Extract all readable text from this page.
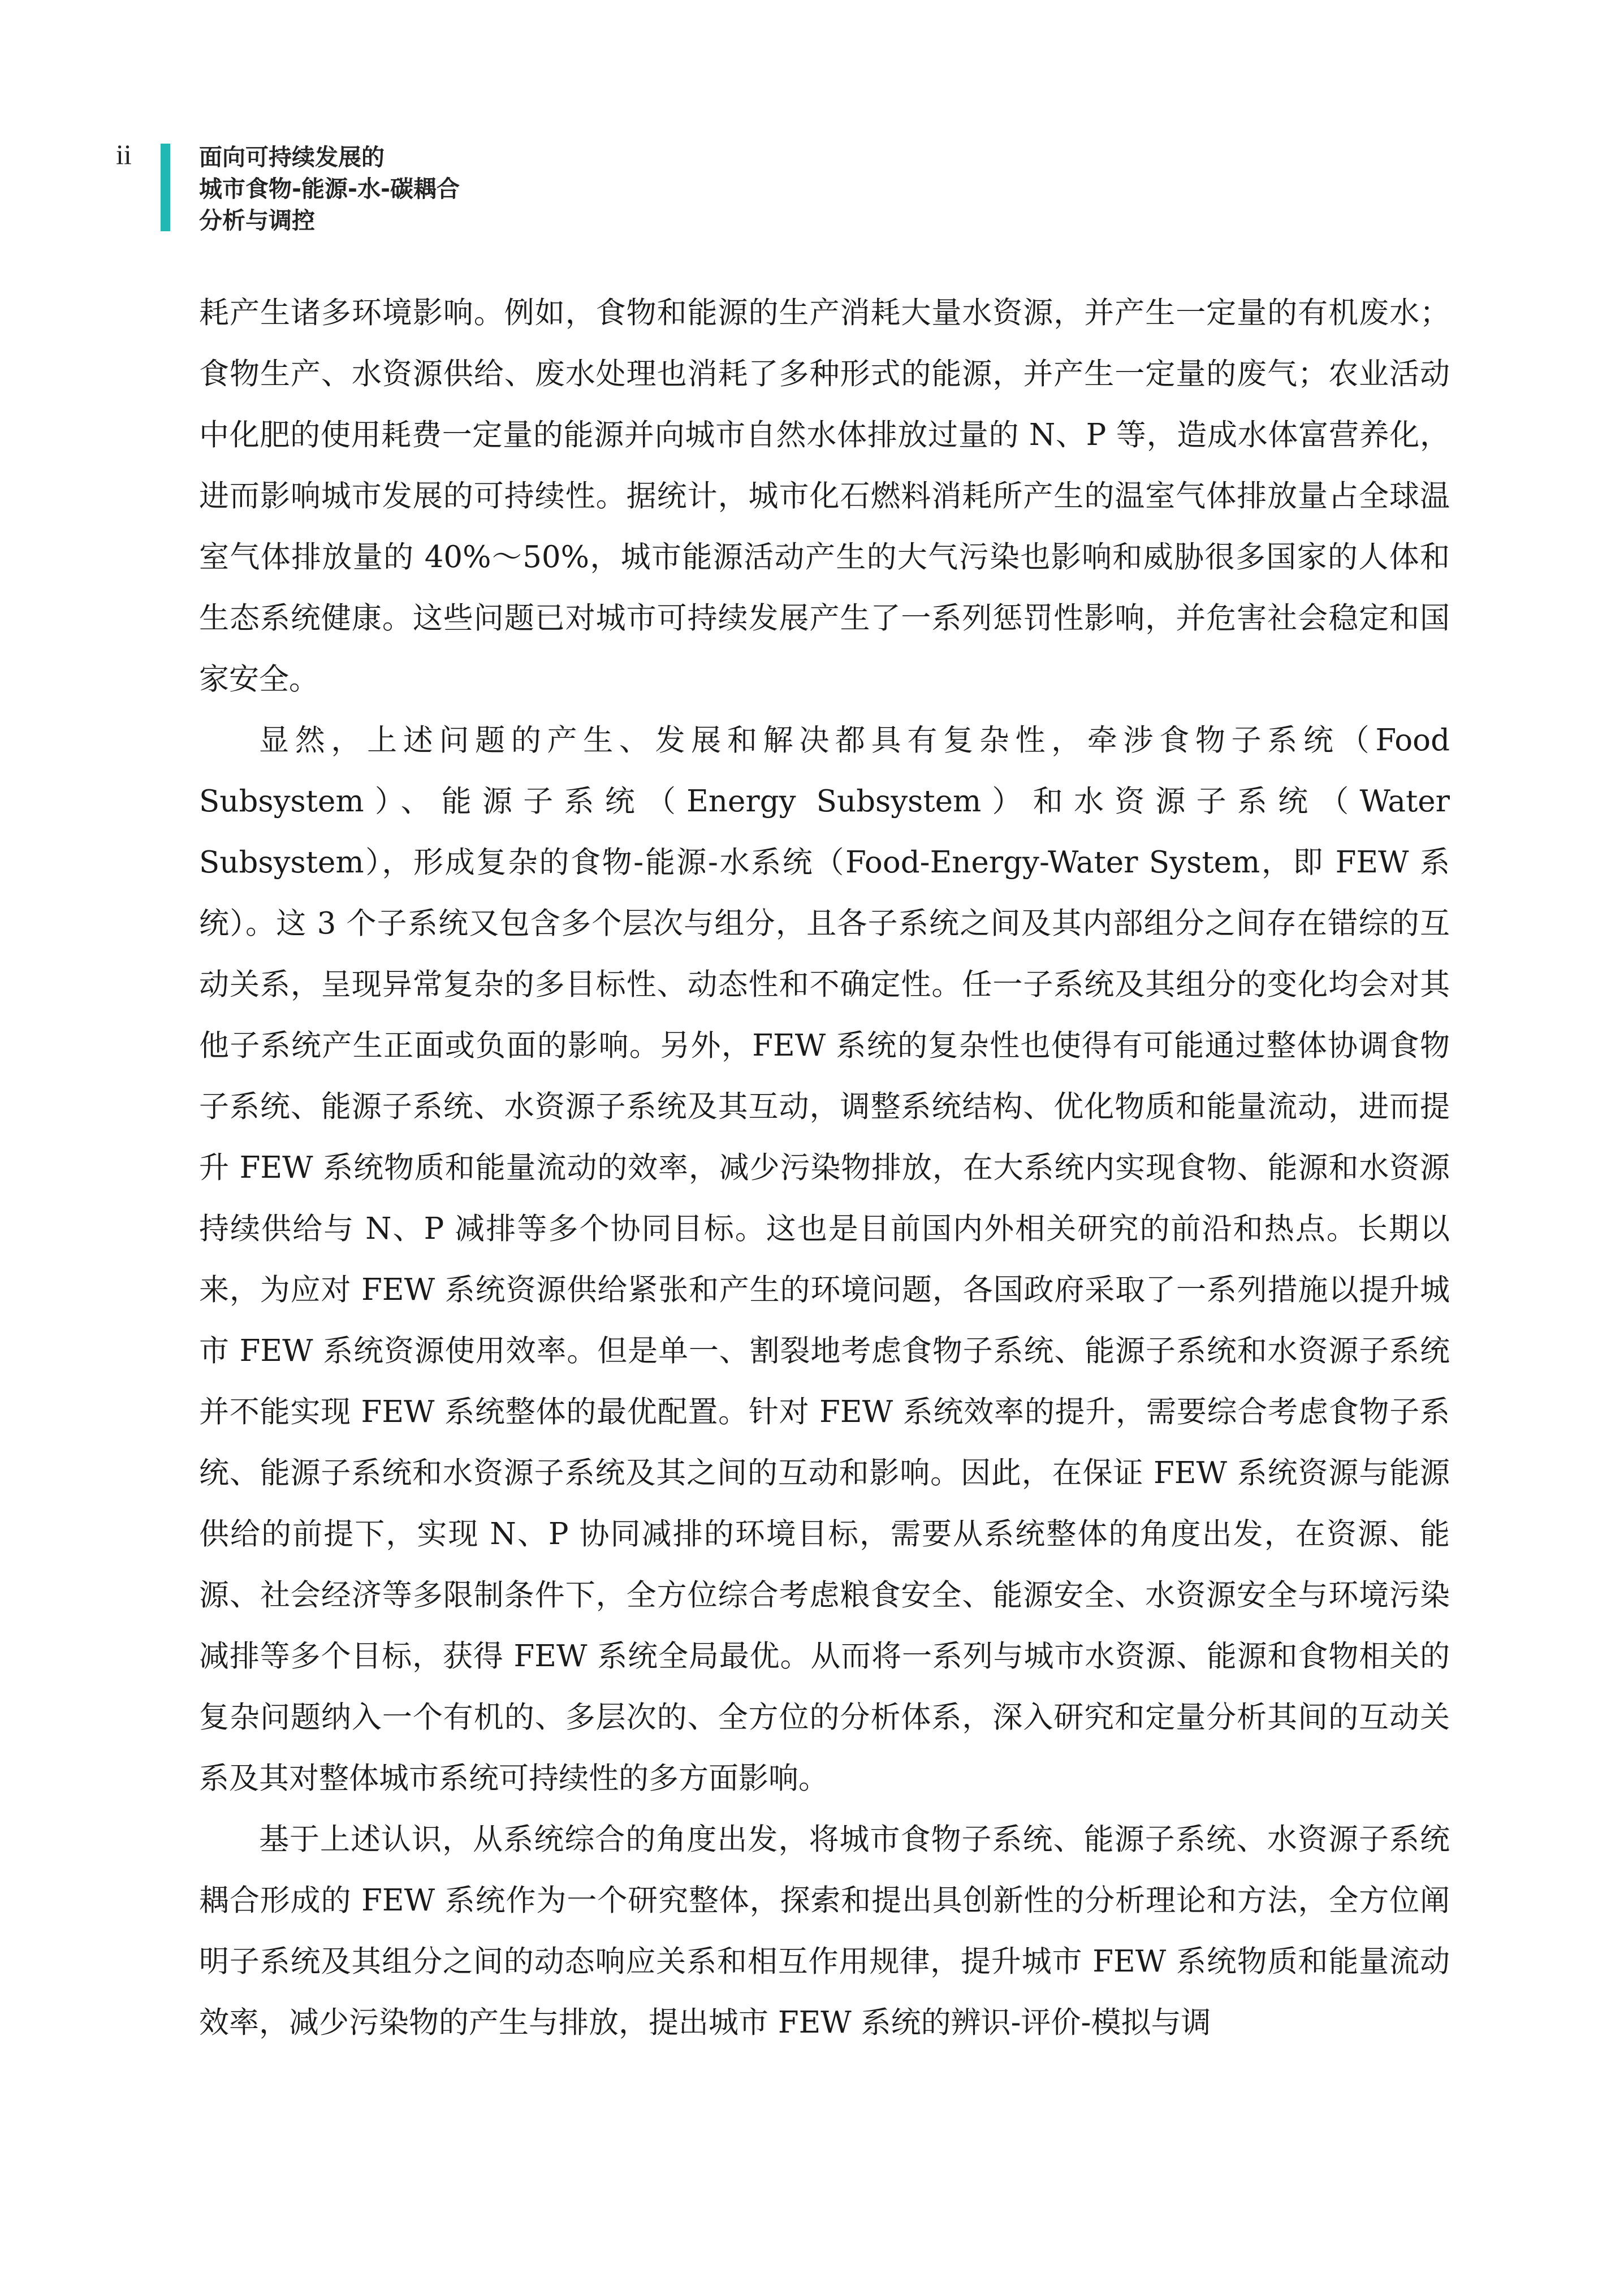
ii	面向可持续发展的
城市食物-能源-水-碳耦合
分析与调控

耗产生诸多环境影响。例如，食物和能源的生产消耗大量水资源，并产生一定量的有机废水；食物生产、水资源供给、废水处理也消耗了多种形式的能源，并产生一定量的废气；农业活动中化肥的使用耗费一定量的能源并向城市自然水体排放过量的 N、P 等，造成水体富营养化，进而影响城市发展的可持续性。据统计，城市化石燃料消耗所产生的温室气体排放量占全球温室气体排放量的 40%～50%，城市能源活动产生的大气污染也影响和威胁很多国家的人体和生态系统健康。这些问题已对城市可持续发展产生了一系列惩罚性影响，并危害社会稳定和国家安全。

显然，上述问题的产生、发展和解决都具有复杂性，牵涉食物子系统（Food Subsystem）、能源子系统（Energy Subsystem）和水资源子系统（Water Subsystem），形成复杂的食物-能源-水系统（Food-Energy-Water System，即 FEW 系统）。这 3 个子系统又包含多个层次与组分，且各子系统之间及其内部组分之间存在错综的互动关系，呈现异常复杂的多目标性、动态性和不确定性。任一子系统及其组分的变化均会对其他子系统产生正面或负面的影响。另外，FEW 系统的复杂性也使得有可能通过整体协调食物子系统、能源子系统、水资源子系统及其互动，调整系统结构、优化物质和能量流动，进而提升 FEW 系统物质和能量流动的效率，减少污染物排放，在大系统内实现食物、能源和水资源持续供给与 N、P 减排等多个协同目标。这也是目前国内外相关研究的前沿和热点。长期以来，为应对 FEW 系统资源供给紧张和产生的环境问题，各国政府采取了一系列措施以提升城市 FEW 系统资源使用效率。但是单一、割裂地考虑食物子系统、能源子系统和水资源子系统并不能实现 FEW 系统整体的最优配置。针对 FEW 系统效率的提升，需要综合考虑食物子系统、能源子系统和水资源子系统及其之间的互动和影响。因此，在保证 FEW 系统资源与能源供给的前提下，实现 N、P 协同减排的环境目标，需要从系统整体的角度出发，在资源、能源、社会经济等多限制条件下，全方位综合考虑粮食安全、能源安全、水资源安全与环境污染减排等多个目标，获得 FEW 系统全局最优。从而将一系列与城市水资源、能源和食物相关的复杂问题纳入一个有机的、多层次的、全方位的分析体系，深入研究和定量分析其间的互动关系及其对整体城市系统可持续性的多方面影响。

基于上述认识，从系统综合的角度出发，将城市食物子系统、能源子系统、水资源子系统耦合形成的 FEW 系统作为一个研究整体，探索和提出具创新性的分析理论和方法，全方位阐明子系统及其组分之间的动态响应关系和相互作用规律，提升城市 FEW 系统物质和能量流动效率，减少污染物的产生与排放，提出城市 FEW 系统的辨识-评价-模拟与调
